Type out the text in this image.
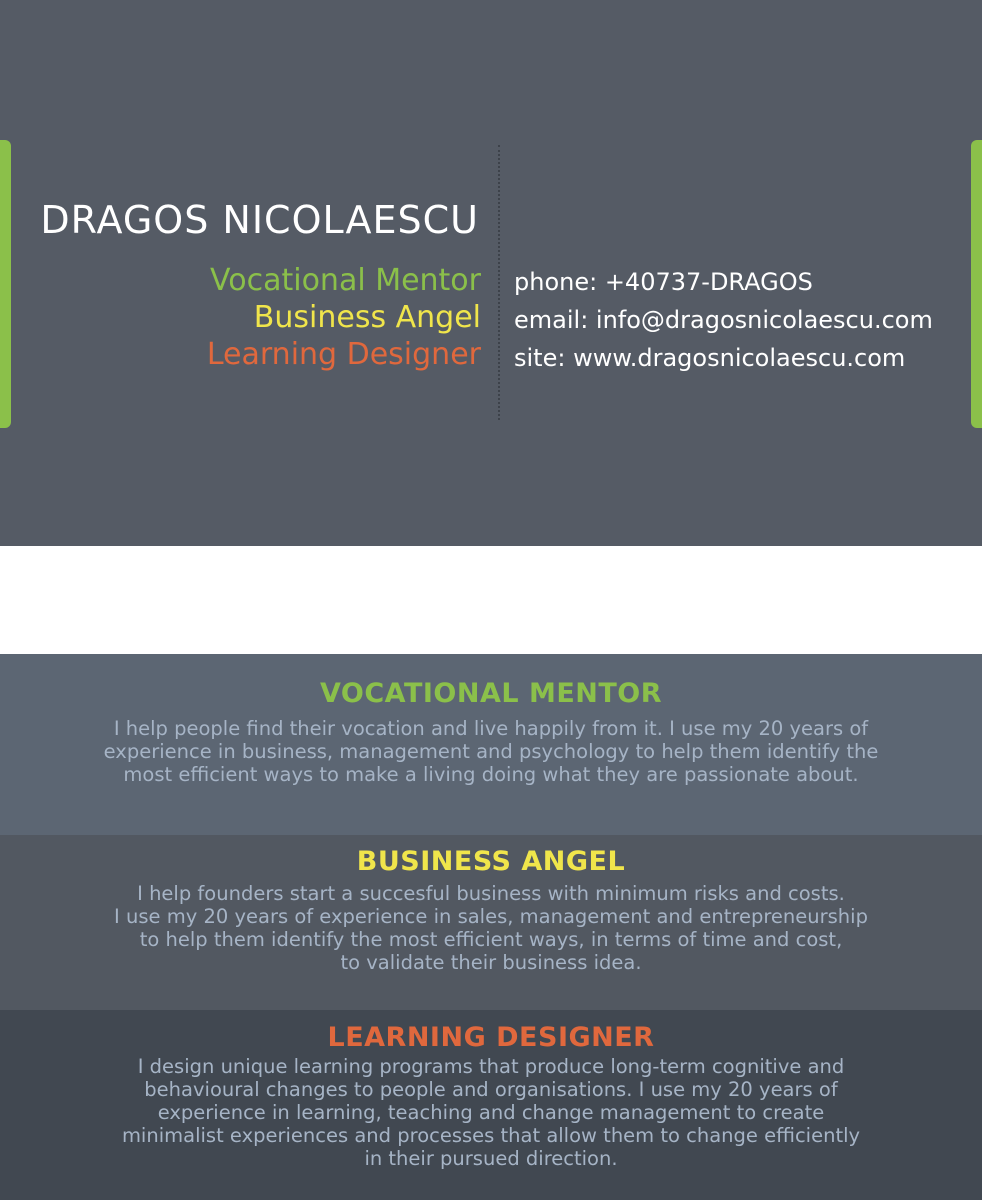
DRAGOS NICOLAESCU
Vocational Mentor
Business Angel
Learning Designer
phone: +40737-DRAGOS
email: info@dragosnicolaescu.com
site: www.dragosnicolaescu.com
VOCATIONAL MENTOR
I help people find their vocation and live happily from it. I use my 20 years of
experience in business, management and psychology to help them identify the
most efficient ways to make a living doing what they are passionate about.
BUSINESS ANGEL
I help founders start a succesful business with minimum risks and costs.
I use my 20 years of experience in sales, management and entrepreneurship
to help them identify the most efficient ways, in terms of time and cost,
to validate their business idea.
LEARNING DESIGNER
I design unique learning programs that produce long-term cognitive and
behavioural changes to people and organisations. I use my 20 years of
experience in learning, teaching and change management to create
minimalist experiences and processes that allow them to change efficiently
in their pursued direction.
